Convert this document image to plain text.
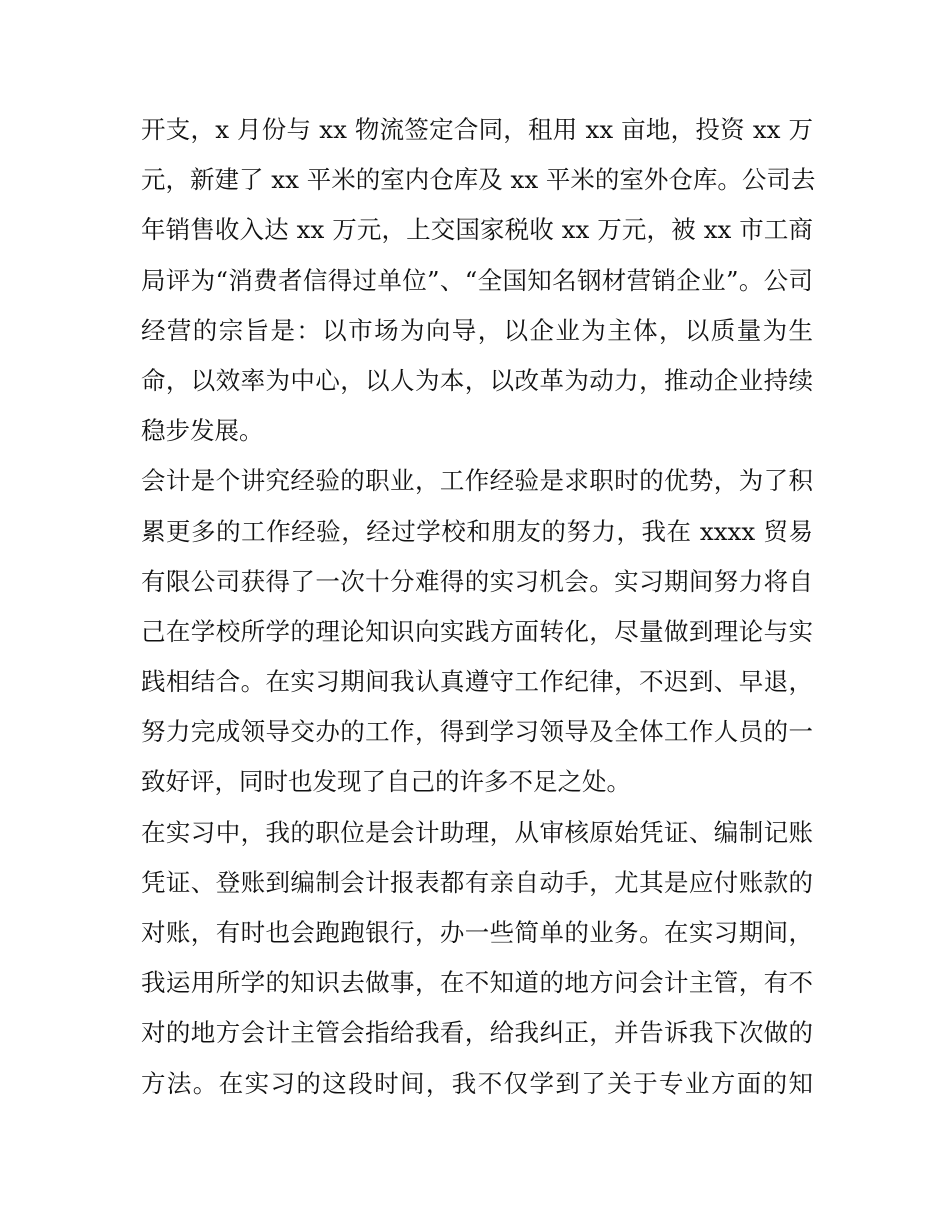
开支，x 月份与 xx 物流签定合同，租用 xx 亩地，投资 xx 万
元，新建了 xx 平米的室内仓库及 xx 平米的室外仓库。公司去
年销售收入达 xx 万元，上交国家税收 xx 万元，被 xx 市工商
局评为“消费者信得过单位”、“全国知名钢材营销企业”。公司
经营的宗旨是：以市场为向导，以企业为主体，以质量为生
命，以效率为中心，以人为本，以改革为动力，推动企业持续
稳步发展。
会计是个讲究经验的职业，工作经验是求职时的优势，为了积
累更多的工作经验，经过学校和朋友的努力，我在 xxxx 贸易
有限公司获得了一次十分难得的实习机会。实习期间努力将自
己在学校所学的理论知识向实践方面转化，尽量做到理论与实
践相结合。在实习期间我认真遵守工作纪律，不迟到、早退，
努力完成领导交办的工作，得到学习领导及全体工作人员的一
致好评，同时也发现了自己的许多不足之处。
在实习中，我的职位是会计助理，从审核原始凭证、编制记账
凭证、登账到编制会计报表都有亲自动手，尤其是应付账款的
对账，有时也会跑跑银行，办一些简单的业务。在实习期间，
我运用所学的知识去做事，在不知道的地方问会计主管，有不
对的地方会计主管会指给我看，给我纠正，并告诉我下次做的
方法。在实习的这段时间，我不仅学到了关于专业方面的知
